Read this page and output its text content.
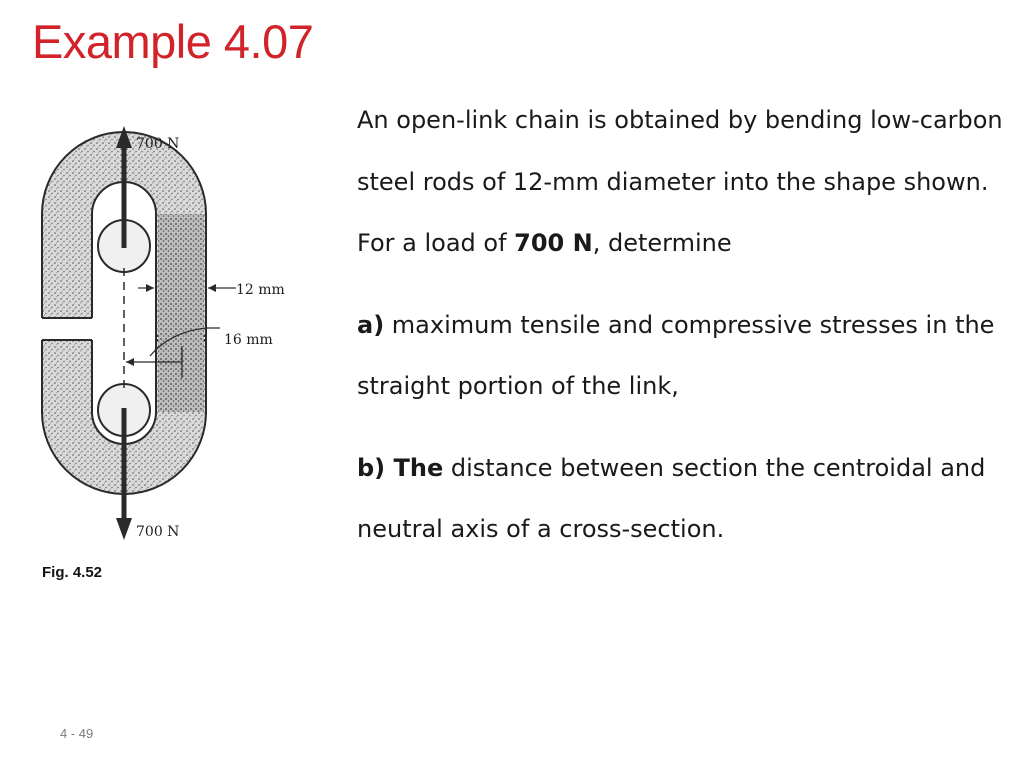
Example 4.07
700 N
12 mm
16 mm
700 N
Fig. 4.52

An open-link chain is obtained by bending low-carbon steel rods of 12-mm diameter into the shape shown. For a load of 700 N, determine

a) maximum tensile and compressive stresses in the straight portion of the link,

b) The distance between section the centroidal and neutral axis of a cross-section.

4 - 49
